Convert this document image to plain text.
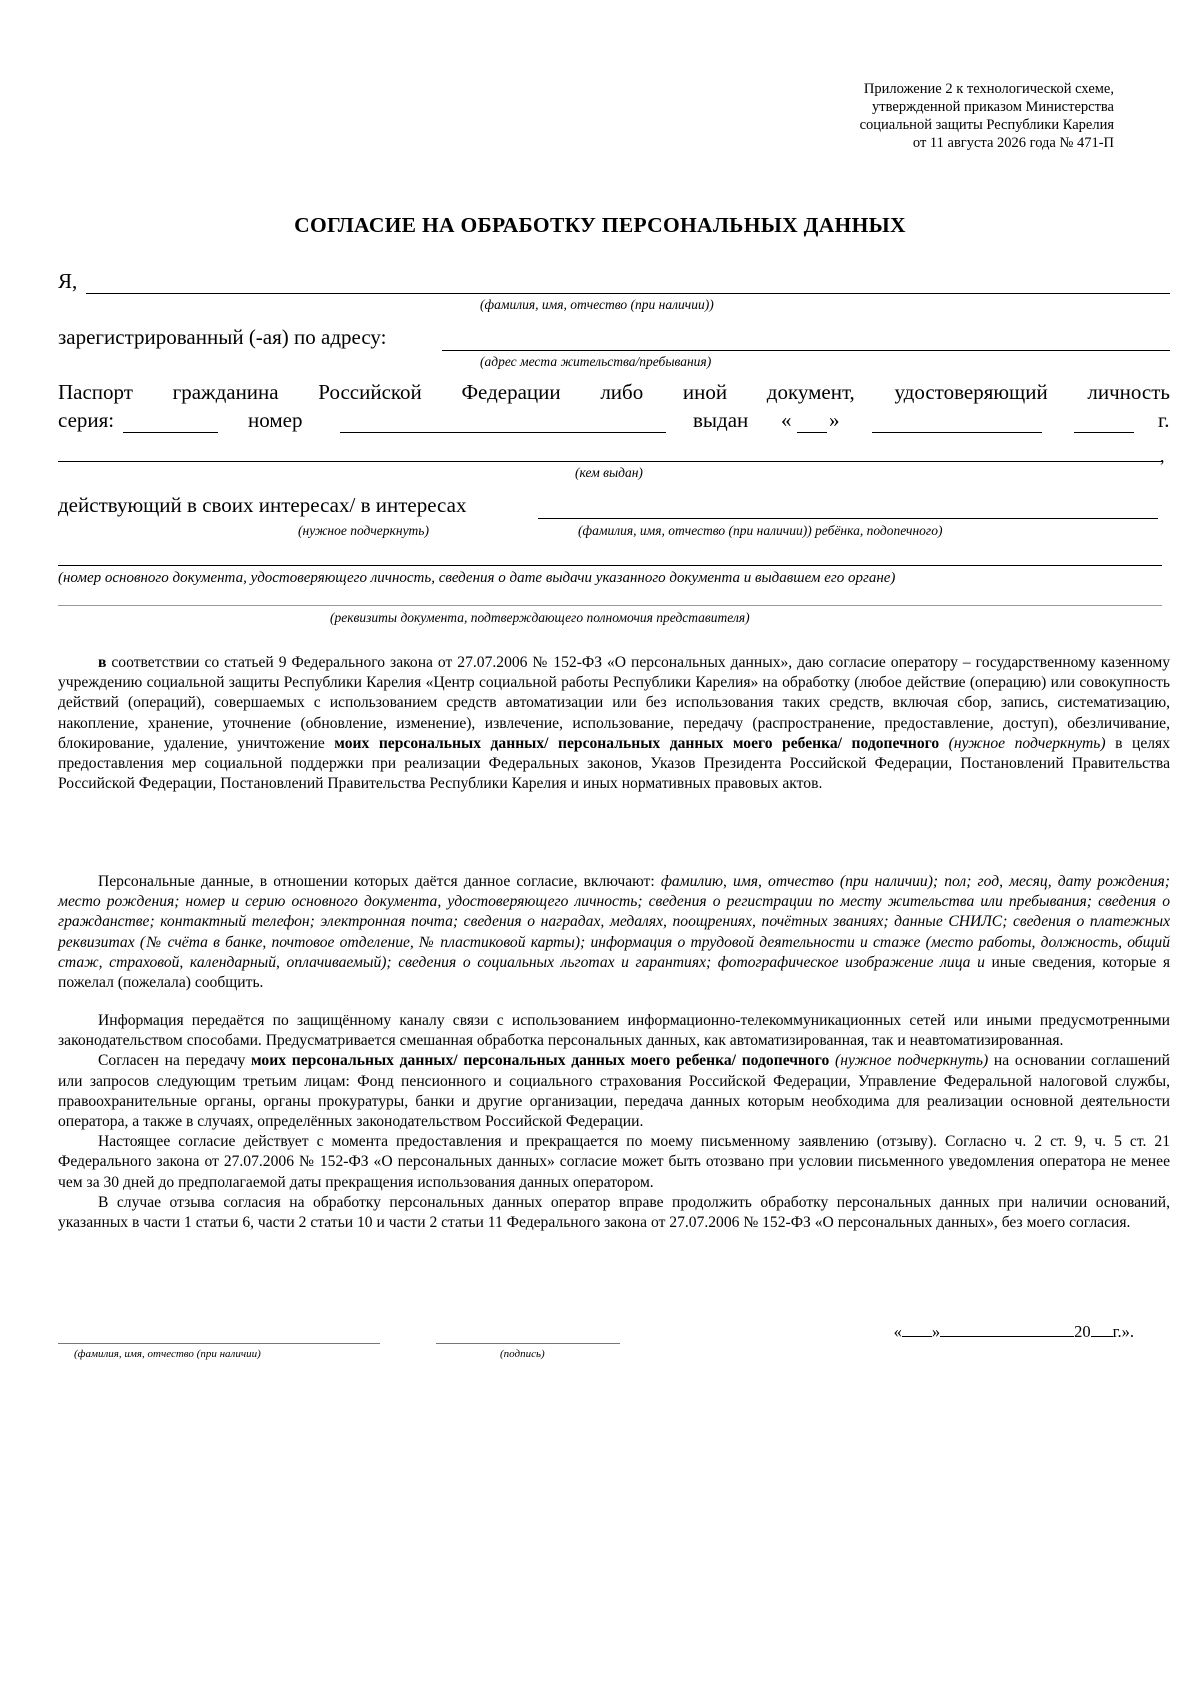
Приложение 2 к технологической схеме,
утвержденной приказом Министерства
социальной защиты Республики Карелия
от 11 августа 2026 года № 471-П
СОГЛАСИЕ НА ОБРАБОТКУ ПЕРСОНАЛЬНЫХ ДАННЫХ
Я,
(фамилия, имя, отчество (при наличии))
зарегистрированный (-ая) по адресу:
(адрес места жительства/пребывания)
Паспорт гражданина Российской Федерации либо иной документ, удостоверяющий личность
серия:	номер	выдан « »	г.
,
(кем выдан)
действующий в своих интересах/ в интересах
(нужное подчеркнуть)	(фамилия, имя, отчество (при наличии)) ребёнка, подопечного)
(номер основного документа, удостоверяющего личность, сведения о дате выдачи указанного документа и выдавшем его органе)
(реквизиты документа, подтверждающего полномочия представителя)

в соответствии со статьей 9 Федерального закона от 27.07.2006 № 152-ФЗ «О персональных данных», даю согласие оператору – государственному казенному учреждению социальной защиты Республики Карелия «Центр социальной работы Республики Карелия» на обработку (любое действие (операцию) или совокупность действий (операций), совершаемых с использованием средств автоматизации или без использования таких средств, включая сбор, запись, систематизацию, накопление, хранение, уточнение (обновление, изменение), извлечение, использование, передачу (распространение, предоставление, доступ), обезличивание, блокирование, удаление, уничтожение моих персональных данных/ персональных данных моего ребенка/ подопечного (нужное подчеркнуть) в целях предоставления мер социальной поддержки при реализации Федеральных законов, Указов Президента Российской Федерации, Постановлений Правительства Российской Федерации, Постановлений Правительства Республики Карелия и иных нормативных правовых актов.

Персональные данные, в отношении которых даётся данное согласие, включают: фамилию, имя, отчество (при наличии); пол; год, месяц, дату рождения; место рождения; номер и серию основного документа, удостоверяющего личность; сведения о регистрации по месту жительства или пребывания; сведения о гражданстве; контактный телефон; электронная почта; сведения о наградах, медалях, поощрениях, почётных званиях; данные СНИЛС; сведения о платежных реквизитах (№ счёта в банке, почтовое отделение, № пластиковой карты); информация о трудовой деятельности и стаже (место работы, должность, общий стаж, страховой, календарный, оплачиваемый); сведения о социальных льготах и гарантиях; фотографическое изображение лица и иные сведения, которые я пожелал (пожелала) сообщить.

Информация передаётся по защищённому каналу связи с использованием информационно-телекоммуникационных сетей или иными предусмотренными законодательством способами. Предусматривается смешанная обработка персональных данных, как автоматизированная, так и неавтоматизированная.

Согласен на передачу моих персональных данных/ персональных данных моего ребенка/ подопечного (нужное подчеркнуть) на основании соглашений или запросов следующим третьим лицам: Фонд пенсионного и социального страхования Российской Федерации, Управление Федеральной налоговой службы, правоохранительные органы, органы прокуратуры, банки и другие организации, передача данных которым необходима для реализации основной деятельности оператора, а также в случаях, определённых законодательством Российской Федерации.

Настоящее согласие действует с момента предоставления и прекращается по моему письменному заявлению (отзыву). Согласно ч. 2 ст. 9, ч. 5 ст. 21 Федерального закона от 27.07.2006 № 152-ФЗ «О персональных данных» согласие может быть отозвано при условии письменного уведомления оператора не менее чем за 30 дней до предполагаемой даты прекращения использования данных оператором.

В случае отзыва согласия на обработку персональных данных оператор вправе продолжить обработку персональных данных при наличии оснований, указанных в части 1 статьи 6, части 2 статьи 10 и части 2 статьи 11 Федерального закона от 27.07.2006 № 152-ФЗ «О персональных данных», без моего согласия.

(фамилия, имя, отчество (при наличии)	(подпись)
« »	20 г.».
